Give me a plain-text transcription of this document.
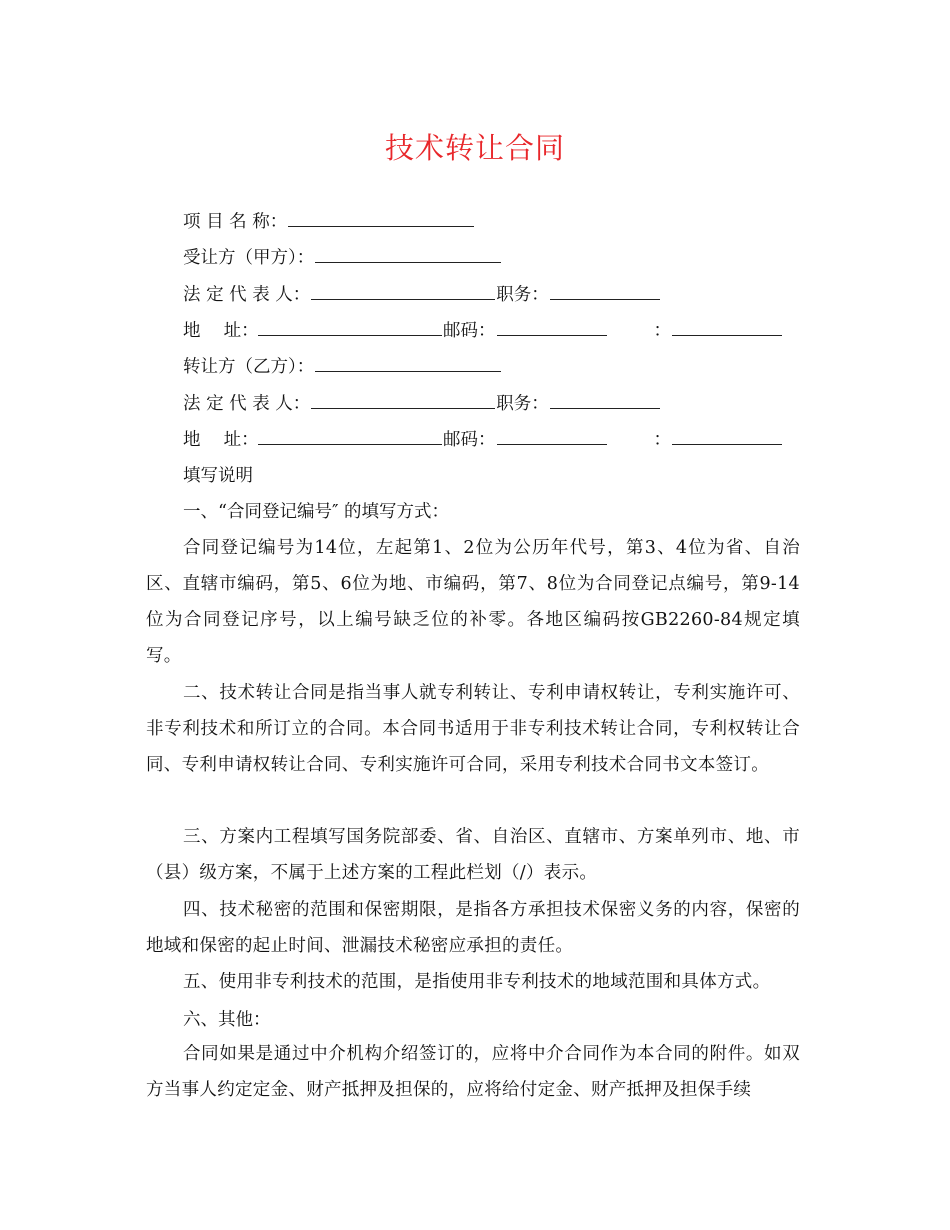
技术转让合同
项 目 名 称：
受让方（甲方）：
法 定 代 表 人：	职务：
地　 址：	邮码：	：
转让方（乙方）：
法 定 代 表 人：	职务：
地　 址：	邮码：	：
填写说明
一、“合同登记编号″ 的填写方式：
合同登记编号为14位，左起第1、2位为公历年代号，第3、4位为省、自治区、直辖市编码，第5、6位为地、市编码，第7、8位为合同登记点编号，第9-14位为合同登记序号，以上编号缺乏位的补零。各地区编码按GB2260-84规定填写。
二、技术转让合同是指当事人就专利转让、专利申请权转让，专利实施许可、非专利技术和所订立的合同。本合同书适用于非专利技术转让合同，专利权转让合同、专利申请权转让合同、专利实施许可合同，采用专利技术合同书文本签订。
三、方案内工程填写国务院部委、省、自治区、直辖市、方案单列市、地、市（县）级方案，不属于上述方案的工程此栏划（/）表示。
四、技术秘密的范围和保密期限，是指各方承担技术保密义务的内容，保密的地域和保密的起止时间、泄漏技术秘密应承担的责任。
五、使用非专利技术的范围，是指使用非专利技术的地域范围和具体方式。
六、其他：
合同如果是通过中介机构介绍签订的，应将中介合同作为本合同的附件。如双方当事人约定定金、财产抵押及担保的，应将给付定金、财产抵押及担保手续
